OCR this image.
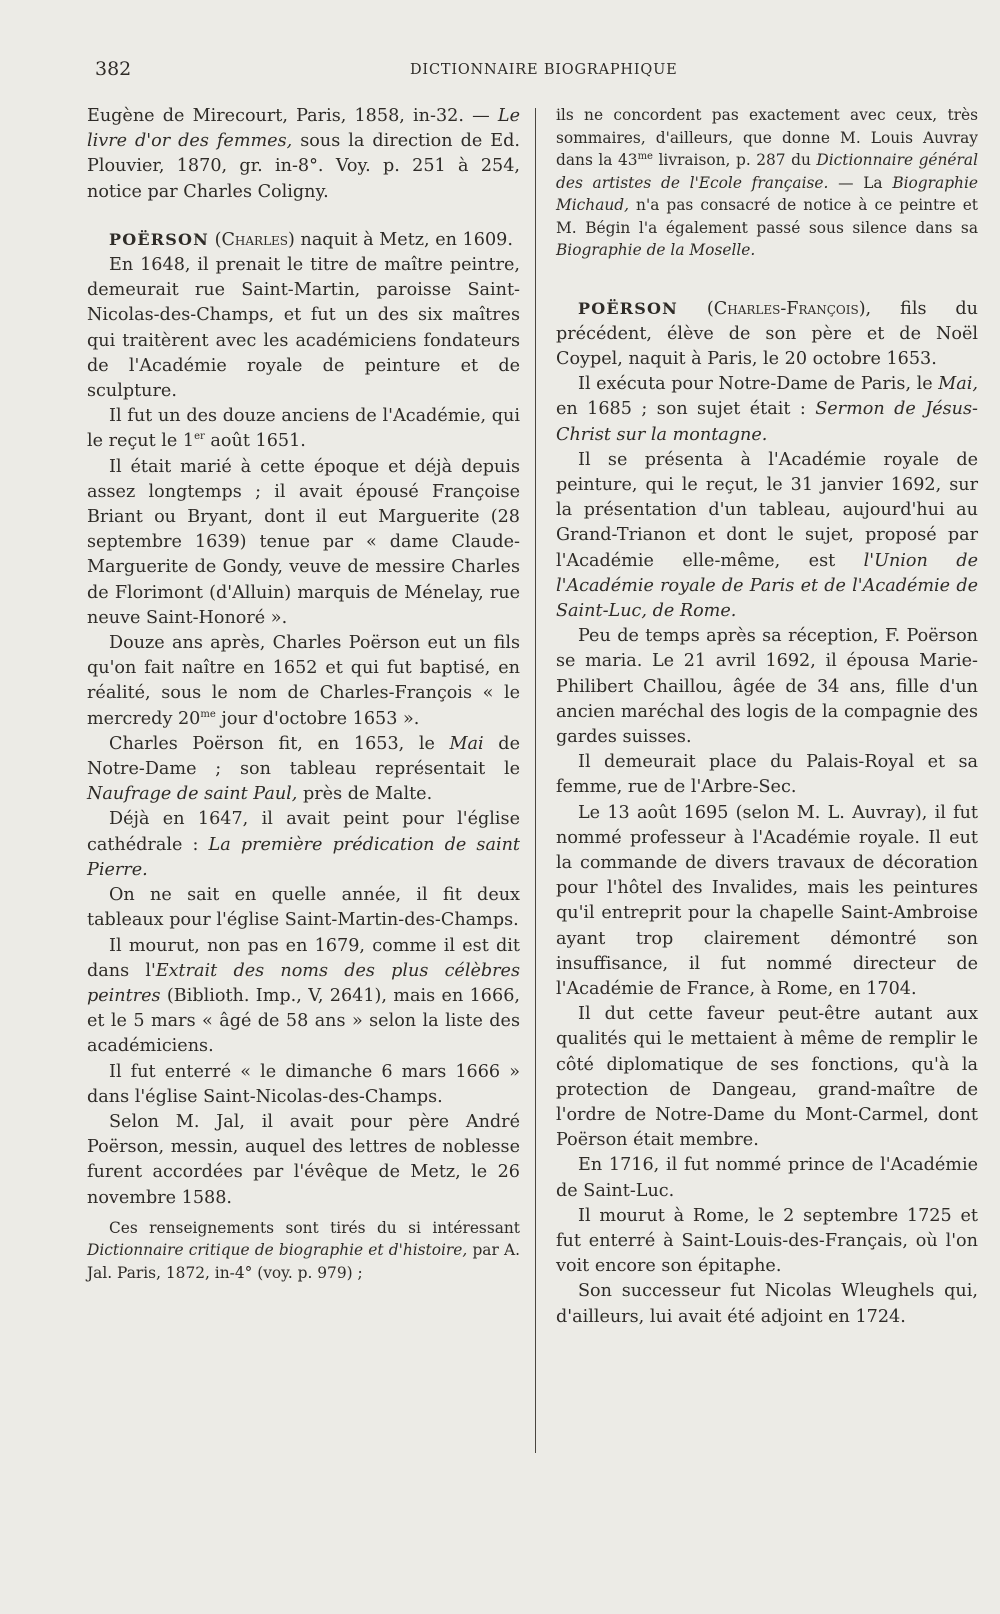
382	DICTIONNAIRE BIOGRAPHIQUE

Eugène de Mirecourt, Paris, 1858, in-32. — Le livre d'or des femmes, sous la direction de Ed. Plouvier, 1870, gr. in-8°. Voy. p. 251 à 254, notice par Charles Coligny.

POËRSON (Charles) naquit à Metz, en 1609.

En 1648, il prenait le titre de maître peintre, demeurait rue Saint-Martin, paroisse Saint-Nicolas-des-Champs, et fut un des six maîtres qui traitèrent avec les académiciens fondateurs de l'Académie royale de peinture et de sculpture.

Il fut un des douze anciens de l'Académie, qui le reçut le 1er août 1651.

Il était marié à cette époque et déjà depuis assez longtemps ; il avait épousé Françoise Briant ou Bryant, dont il eut Marguerite (28 septembre 1639) tenue par « dame Claude-Marguerite de Gondy, veuve de messire Charles de Florimont (d'Alluin) marquis de Ménelay, rue neuve Saint-Honoré ».

Douze ans après, Charles Poërson eut un fils qu'on fait naître en 1652 et qui fut baptisé, en réalité, sous le nom de Charles-François « le mercredy $20^{me}$ jour d'octobre 1653 ».

Charles Poërson fit, en 1653, le Mai de Notre-Dame ; son tableau représentait le Naufrage de saint Paul, près de Malte.

Déjà en 1647, il avait peint pour l'église cathédrale : La première prédication de saint Pierre.

On ne sait en quelle année, il fit deux tableaux pour l'église Saint-Martin-des-Champs.

Il mourut, non pas en 1679, comme il est dit dans l'Extrait des noms des plus célèbres peintres (Biblioth. Imp., V, 2641), mais en 1666, et le 5 mars « âgé de 58 ans » selon la liste des académiciens.

Il fut enterré « le dimanche 6 mars 1666 » dans l'église Saint-Nicolas-des-Champs.

Selon M. Jal, il avait pour père André Poërson, messin, auquel des lettres de noblesse furent accordées par l'évêque de Metz, le 26 novembre 1588.

Ces renseignements sont tirés du si intéressant Dictionnaire critique de biographie et d'histoire, par A. Jal. Paris, 1872, in-4° (voy. p. 979) ;

ils ne concordent pas exactement avec ceux, très sommaires, d'ailleurs, que donne M. Louis Auvray dans la $43^{me}$ livraison, p. 287 du Dictionnaire général des artistes de l'Ecole française. — La Biographie Michaud, n'a pas consacré de notice à ce peintre et M. Bégin l'a également passé sous silence dans sa Biographie de la Moselle.

POËRSON (Charles-François), fils du précédent, élève de son père et de Noël Coypel, naquit à Paris, le 20 octobre 1653.

Il exécuta pour Notre-Dame de Paris, le Mai, en 1685 ; son sujet était : Sermon de Jésus-Christ sur la montagne.

Il se présenta à l'Académie royale de peinture, qui le reçut, le 31 janvier 1692, sur la présentation d'un tableau, aujourd'hui au Grand-Trianon et dont le sujet, proposé par l'Académie elle-même, est l'Union de l'Académie royale de Paris et de l'Académie de Saint-Luc, de Rome.

Peu de temps après sa réception, F. Poërson se maria. Le 21 avril 1692, il épousa Marie-Philibert Chaillou, âgée de 34 ans, fille d'un ancien maréchal des logis de la compagnie des gardes suisses.

Il demeurait place du Palais-Royal et sa femme, rue de l'Arbre-Sec.

Le 13 août 1695 (selon M. L. Auvray), il fut nommé professeur à l'Académie royale. Il eut la commande de divers travaux de décoration pour l'hôtel des Invalides, mais les peintures qu'il entreprit pour la chapelle Saint-Ambroise ayant trop clairement démontré son insuffisance, il fut nommé directeur de l'Académie de France, à Rome, en 1704.

Il dut cette faveur peut-être autant aux qualités qui le mettaient à même de remplir le côté diplomatique de ses fonctions, qu'à la protection de Dangeau, grand-maître de l'ordre de Notre-Dame du Mont-Carmel, dont Poërson était membre.

En 1716, il fut nommé prince de l'Académie de Saint-Luc.

Il mourut à Rome, le 2 septembre 1725 et fut enterré à Saint-Louis-des-Français, où l'on voit encore son épitaphe.

Son successeur fut Nicolas Wleughels qui, d'ailleurs, lui avait été adjoint en 1724.
